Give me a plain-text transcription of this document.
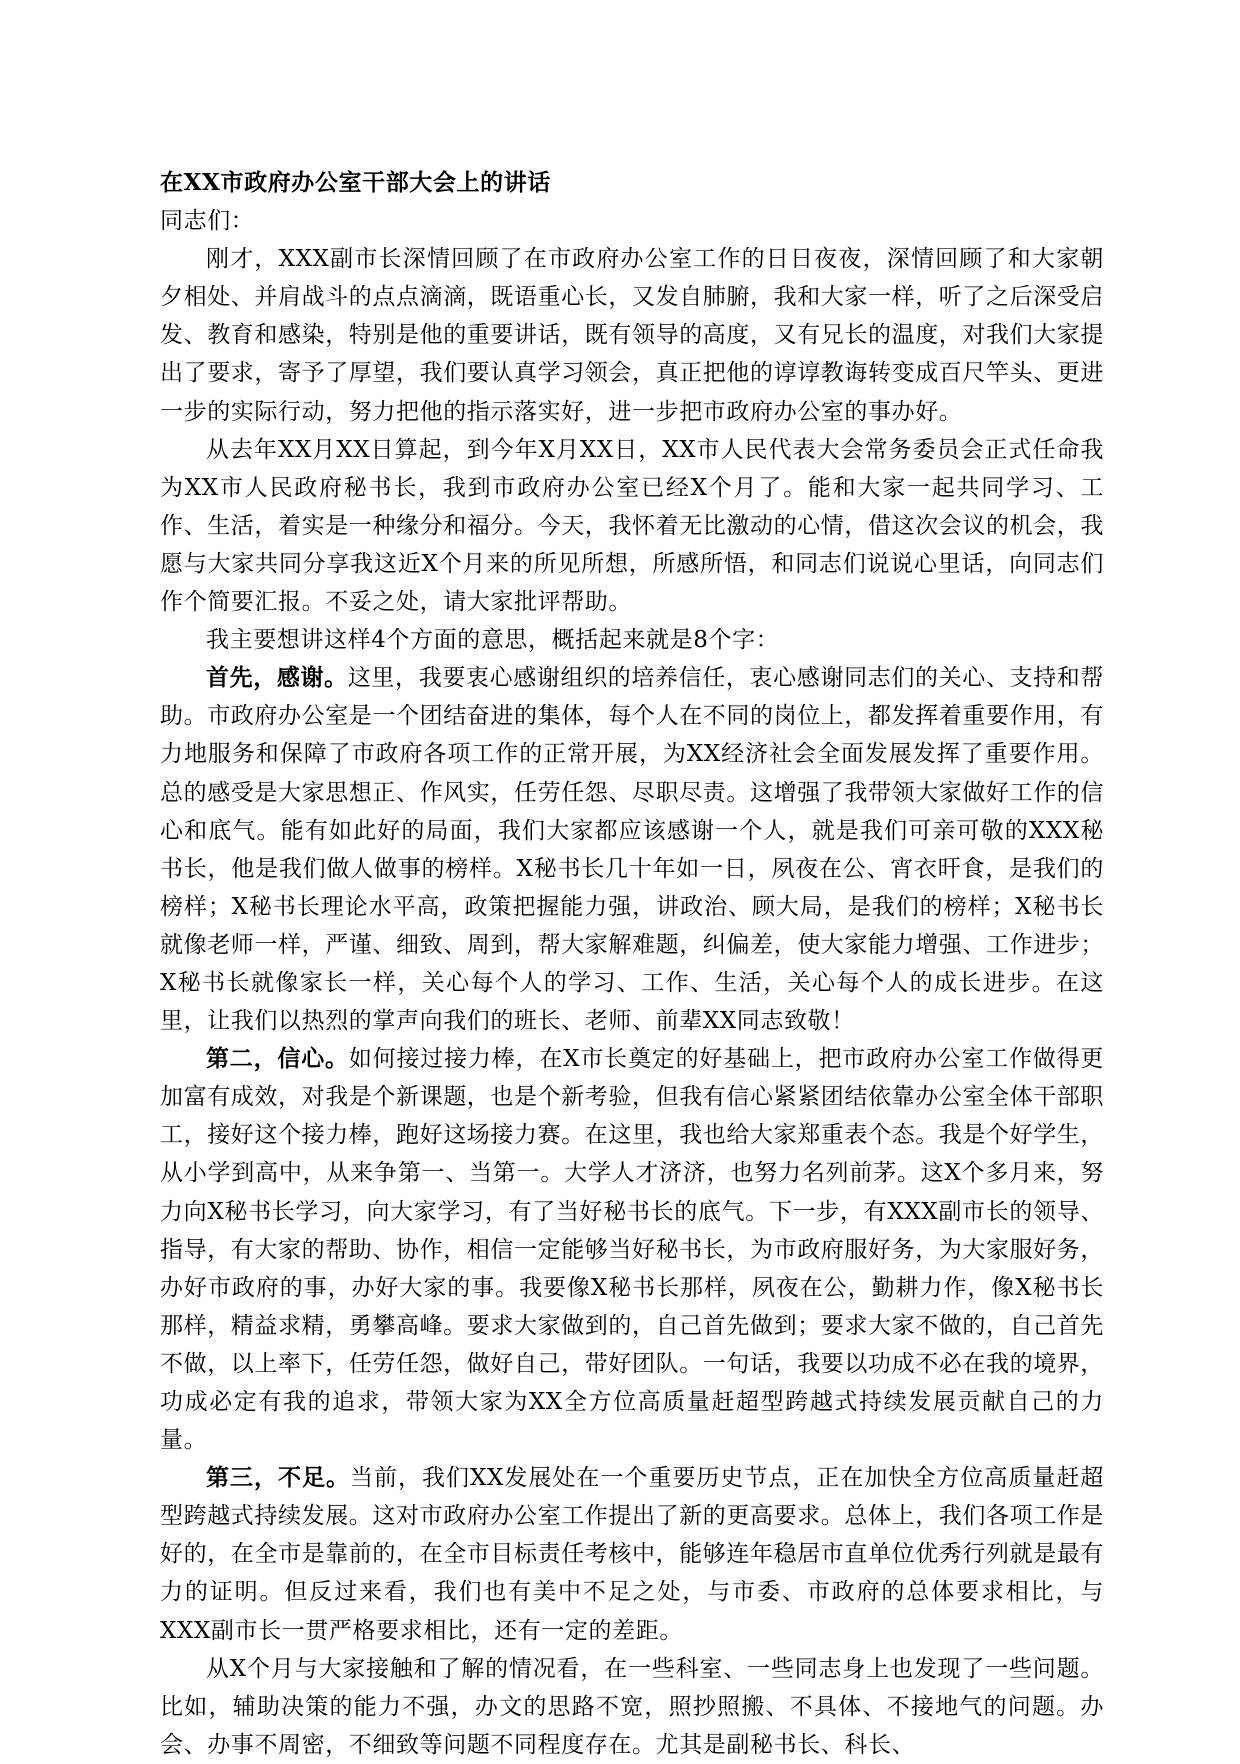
在XX市政府办公室干部大会上的讲话

同志们：

刚才，XXX副市长深情回顾了在市政府办公室工作的日日夜夜，深情回顾了和大家朝夕相处、并肩战斗的点点滴滴，既语重心长，又发自肺腑，我和大家一样，听了之后深受启发、教育和感染，特别是他的重要讲话，既有领导的高度，又有兄长的温度，对我们大家提出了要求，寄予了厚望，我们要认真学习领会，真正把他的谆谆教诲转变成百尺竿头、更进一步的实际行动，努力把他的指示落实好，进一步把市政府办公室的事办好。

从去年XX月XX日算起，到今年X月XX日，XX市人民代表大会常务委员会正式任命我为XX市人民政府秘书长，我到市政府办公室已经X个月了。能和大家一起共同学习、工作、生活，着实是一种缘分和福分。今天，我怀着无比激动的心情，借这次会议的机会，我愿与大家共同分享我这近X个月来的所见所想，所感所悟，和同志们说说心里话，向同志们作个简要汇报。不妥之处，请大家批评帮助。

我主要想讲这样4个方面的意思，概括起来就是8个字：

首先，感谢。这里，我要衷心感谢组织的培养信任，衷心感谢同志们的关心、支持和帮助。市政府办公室是一个团结奋进的集体，每个人在不同的岗位上，都发挥着重要作用，有力地服务和保障了市政府各项工作的正常开展，为XX经济社会全面发展发挥了重要作用。总的感受是大家思想正、作风实，任劳任怨、尽职尽责。这增强了我带领大家做好工作的信心和底气。能有如此好的局面，我们大家都应该感谢一个人，就是我们可亲可敬的XXX秘书长，他是我们做人做事的榜样。X秘书长几十年如一日，夙夜在公、宵衣旰食，是我们的榜样；X秘书长理论水平高，政策把握能力强，讲政治、顾大局，是我们的榜样；X秘书长就像老师一样，严谨、细致、周到，帮大家解难题，纠偏差，使大家能力增强、工作进步；X秘书长就像家长一样，关心每个人的学习、工作、生活，关心每个人的成长进步。在这里，让我们以热烈的掌声向我们的班长、老师、前辈XX同志致敬！

第二，信心。如何接过接力棒，在X市长奠定的好基础上，把市政府办公室工作做得更加富有成效，对我是个新课题，也是个新考验，但我有信心紧紧团结依靠办公室全体干部职工，接好这个接力棒，跑好这场接力赛。在这里，我也给大家郑重表个态。我是个好学生，从小学到高中，从来争第一、当第一。大学人才济济，也努力名列前茅。这X个多月来，努力向X秘书长学习，向大家学习，有了当好秘书长的底气。下一步，有XXX副市长的领导、指导，有大家的帮助、协作，相信一定能够当好秘书长，为市政府服好务，为大家服好务，办好市政府的事，办好大家的事。我要像X秘书长那样，夙夜在公，勤耕力作，像X秘书长那样，精益求精，勇攀高峰。要求大家做到的，自己首先做到；要求大家不做的，自己首先不做，以上率下，任劳任怨，做好自己，带好团队。一句话，我要以功成不必在我的境界，功成必定有我的追求，带领大家为XX全方位高质量赶超型跨越式持续发展贡献自己的力量。

第三，不足。当前，我们XX发展处在一个重要历史节点，正在加快全方位高质量赶超型跨越式持续发展。这对市政府办公室工作提出了新的更高要求。总体上，我们各项工作是好的，在全市是靠前的，在全市目标责任考核中，能够连年稳居市直单位优秀行列就是最有力的证明。但反过来看，我们也有美中不足之处，与市委、市政府的总体要求相比，与XXX副市长一贯严格要求相比，还有一定的差距。

从X个月与大家接触和了解的情况看，在一些科室、一些同志身上也发现了一些问题。比如，辅助决策的能力不强，办文的思路不宽，照抄照搬、不具体、不接地气的问题。办会、办事不周密，不细致等问题不同程度存在。尤其是副秘书长、科长、
